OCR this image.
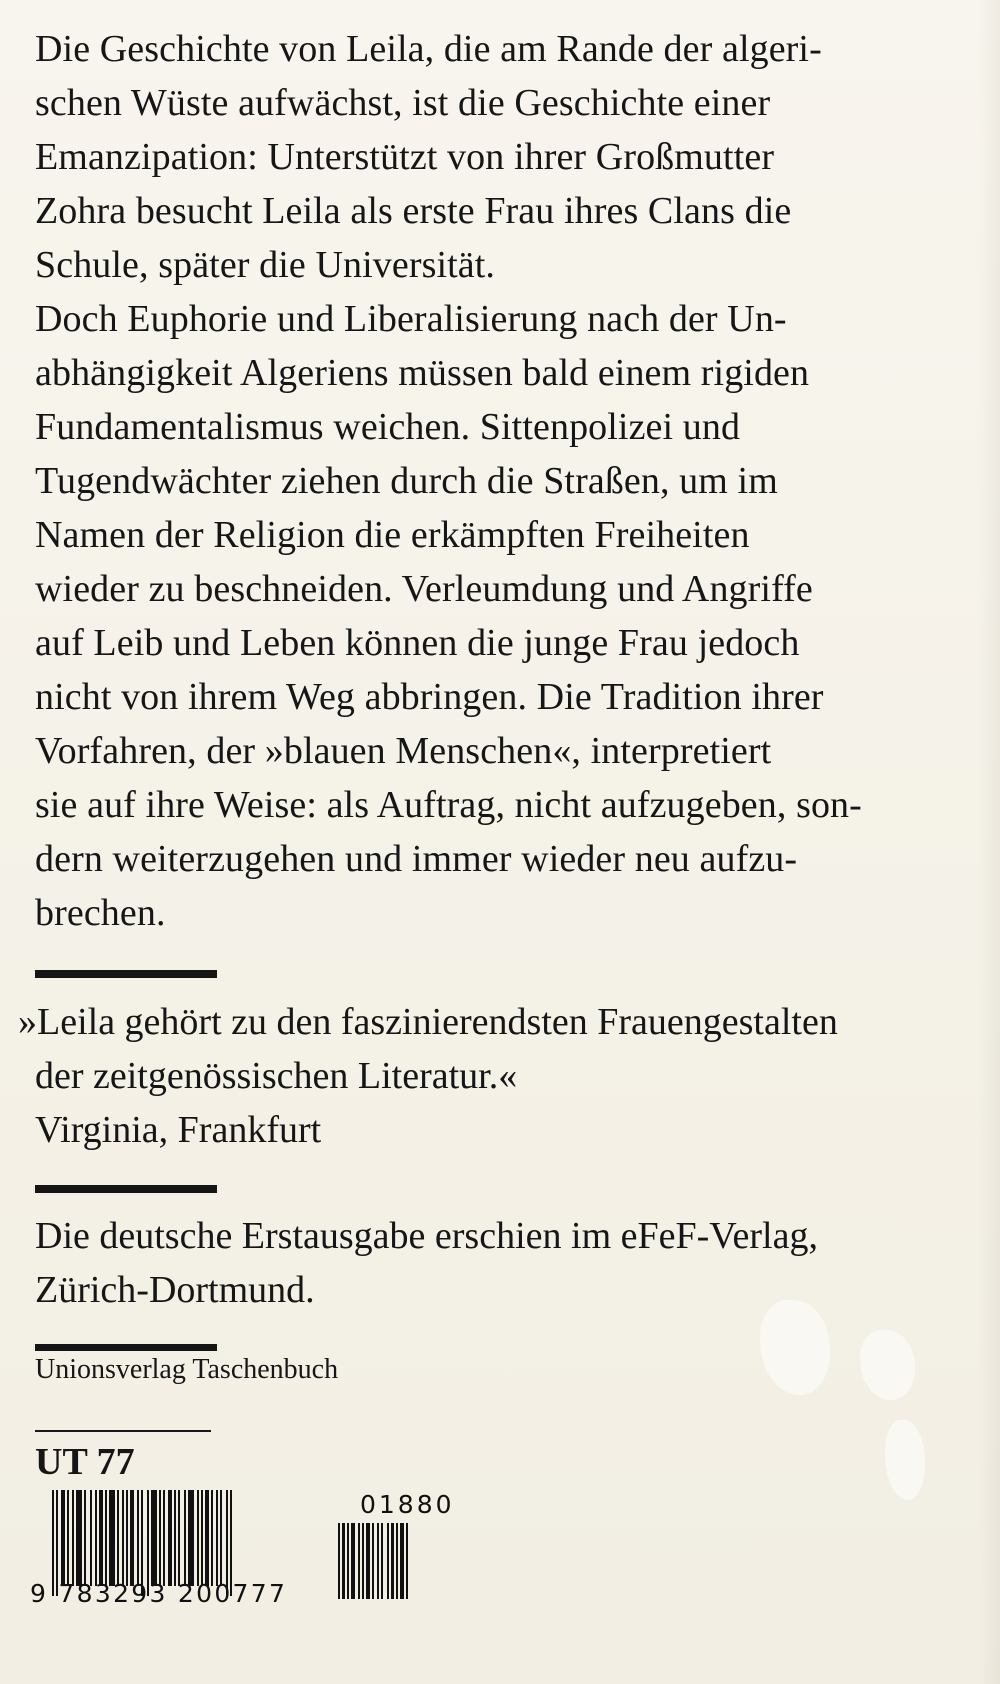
Die Geschichte von Leila, die am Rande der algeri-

schen Wüste aufwächst, ist die Geschichte einer

Emanzipation: Unterstützt von ihrer Großmutter

Zohra besucht Leila als erste Frau ihres Clans die

Schule, später die Universität.

Doch Euphorie und Liberalisierung nach der Un-

abhängigkeit Algeriens müssen bald einem rigiden

Fundamentalismus weichen. Sittenpolizei und

Tugendwächter ziehen durch die Straßen, um im

Namen der Religion die erkämpften Freiheiten

wieder zu beschneiden. Verleumdung und Angriffe

auf Leib und Leben können die junge Frau jedoch

nicht von ihrem Weg abbringen. Die Tradition ihrer

Vorfahren, der »blauen Menschen«, interpretiert

sie auf ihre Weise: als Auftrag, nicht aufzugeben, son-

dern weiterzugehen und immer wieder neu aufzu-

brechen.

»Leila gehört zu den faszinierendsten Frauengestalten
der zeitgenössischen Literatur.«
Virginia, Frankfurt
Die deutsche Erstausgabe erschien im eFeF-Verlag,
Zürich-Dortmund.
Unionsverlag Taschenbuch
UT 77
9 783293 200777
01880
